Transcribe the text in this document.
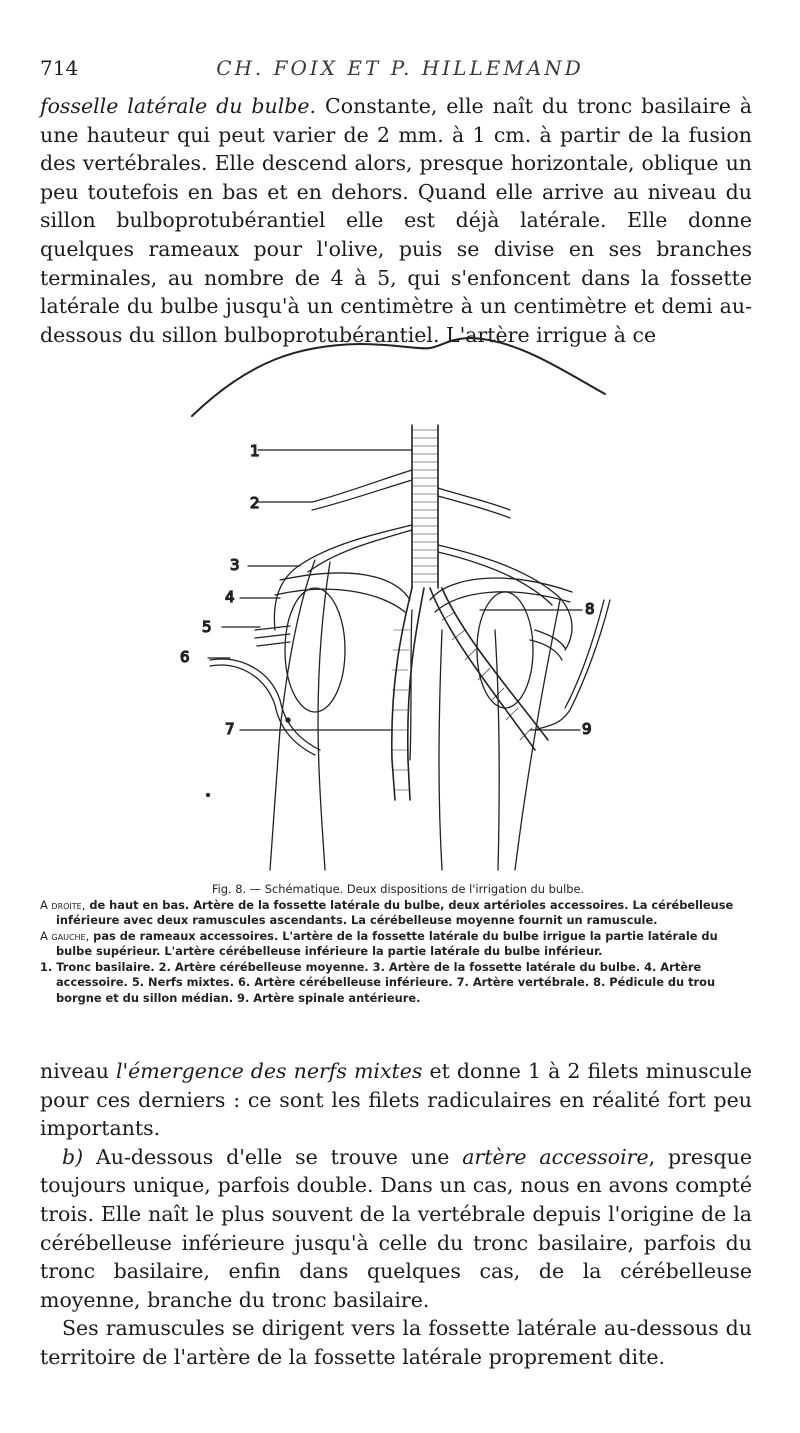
714	CH. FOIX ET P. HILLEMAND

fosselle latérale du bulbe. Constante, elle naît du tronc basilaire à une hauteur qui peut varier de 2 mm. à 1 cm. à partir de la fusion des vertébrales. Elle descend alors, presque horizontale, oblique un peu toutefois en bas et en dehors. Quand elle arrive au niveau du sillon bulboprotubérantiel elle est déjà latérale. Elle donne quelques rameaux pour l'olive, puis se divise en ses branches terminales, au nombre de 4 à 5, qui s'enfoncent dans la fossette latérale du bulbe jusqu'à un centimètre à un centimètre et demi au-dessous du sillon bulboprotubérantiel. L'artère irrigue à ce

1
2
3
4
5
6
7
8
9

Fig. 8. — Schématique. Deux dispositions de l'irrigation du bulbe.

A droite, de haut en bas. Artère de la fossette latérale du bulbe, deux artérioles accessoires. La cérébelleuse inférieure avec deux ramuscules ascendants. La cérébelleuse moyenne fournit un ramuscule.

A gauche, pas de rameaux accessoires. L'artère de la fossette latérale du bulbe irrigue la partie latérale du bulbe supérieur. L'artère cérébelleuse inférieure la partie latérale du bulbe inférieur.

1. Tronc basilaire. 2. Artère cérébelleuse moyenne. 3. Artère de la fossette latérale du bulbe. 4. Artère accessoire. 5. Nerfs mixtes. 6. Artère cérébelleuse inférieure. 7. Artère vertébrale. 8. Pédicule du trou borgne et du sillon médian. 9. Artère spinale antérieure.

niveau l'émergence des nerfs mixtes et donne 1 à 2 filets minuscule pour ces derniers : ce sont les filets radiculaires en réalité fort peu importants.

b) Au-dessous d'elle se trouve une artère accessoire, presque toujours unique, parfois double. Dans un cas, nous en avons compté trois. Elle naît le plus souvent de la vertébrale depuis l'origine de la cérébelleuse inférieure jusqu'à celle du tronc basilaire, parfois du tronc basilaire, enfin dans quelques cas, de la cérébelleuse moyenne, branche du tronc basilaire.

Ses ramuscules se dirigent vers la fossette latérale au-dessous du territoire de l'artère de la fossette latérale proprement dite.
